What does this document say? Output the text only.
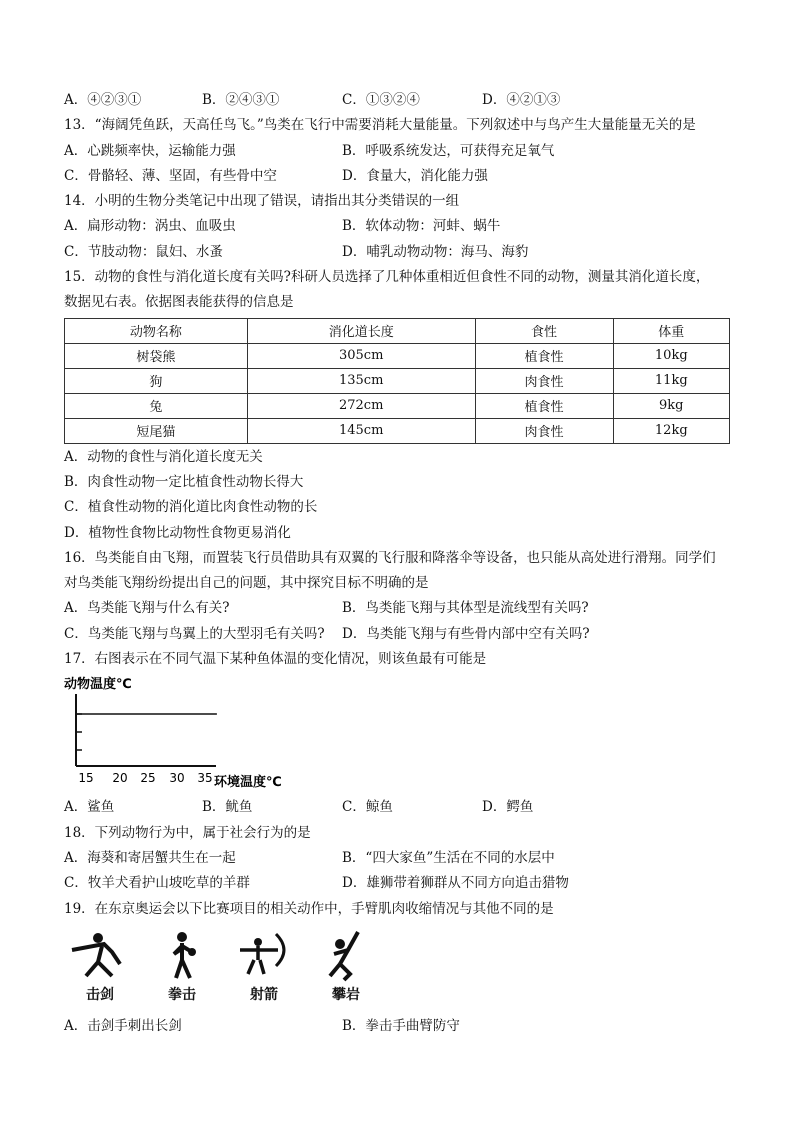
A．④②③①	B．②④③①	C．①③②④	D．④②①③
13．“海阔凭鱼跃，天高任鸟飞。”鸟类在飞行中需要消耗大量能量。下列叙述中与鸟产生大量能量无关的是
A．心跳频率快，运输能力强	B．呼吸系统发达，可获得充足氧气
C．骨骼轻、薄、坚固，有些骨中空	D．食量大，消化能力强
14．小明的生物分类笔记中出现了错误，请指出其分类错误的一组
A．扁形动物：涡虫、血吸虫	B．软体动物：河蚌、蜗牛
C．节肢动物：鼠妇、水蚤	D．哺乳动物动物：海马、海豹
15．动物的食性与消化道长度有关吗?科研人员选择了几种体重相近但食性不同的动物，测量其消化道长度，
数据见右表。依据图表能获得的信息是
动物名称	消化道长度	食性	体重
树袋熊	305cm	植食性	10kg
狗	135cm	肉食性	11kg
兔	272cm	植食性	9kg
短尾猫	145cm	肉食性	12kg
A．动物的食性与消化道长度无关
B．肉食性动物一定比植食性动物长得大
C．植食性动物的消化道比肉食性动物的长
D．植物性食物比动物性食物更易消化
16．鸟类能自由飞翔，而置装飞行员借助具有双翼的飞行服和降落伞等设备，也只能从高处进行滑翔。同学们
对鸟类能飞翔纷纷提出自己的问题，其中探究目标不明确的是
A．鸟类能飞翔与什么有关?	B．鸟类能飞翔与其体型是流线型有关吗?
C．鸟类能飞翔与鸟翼上的大型羽毛有关吗? D．鸟类能飞翔与有些骨内部中空有关吗?
17．右图表示在不同气温下某种鱼体温的变化情况，则该鱼最有可能是
动物温度℃
15 20 25 30 35 环境温度℃
A．鲨鱼	B．鱿鱼	C．鲸鱼	D．鳄鱼
18．下列动物行为中，属于社会行为的是
A．海葵和寄居蟹共生在一起	B．“四大家鱼”生活在不同的水层中
C．牧羊犬看护山坡吃草的羊群	D．雄狮带着狮群从不同方向追击猎物
19．在东京奥运会以下比赛项目的相关动作中，手臂肌肉收缩情况与其他不同的是
击剑	拳击	射箭	攀岩
A．击剑手刺出长剑	B．拳击手曲臂防守
